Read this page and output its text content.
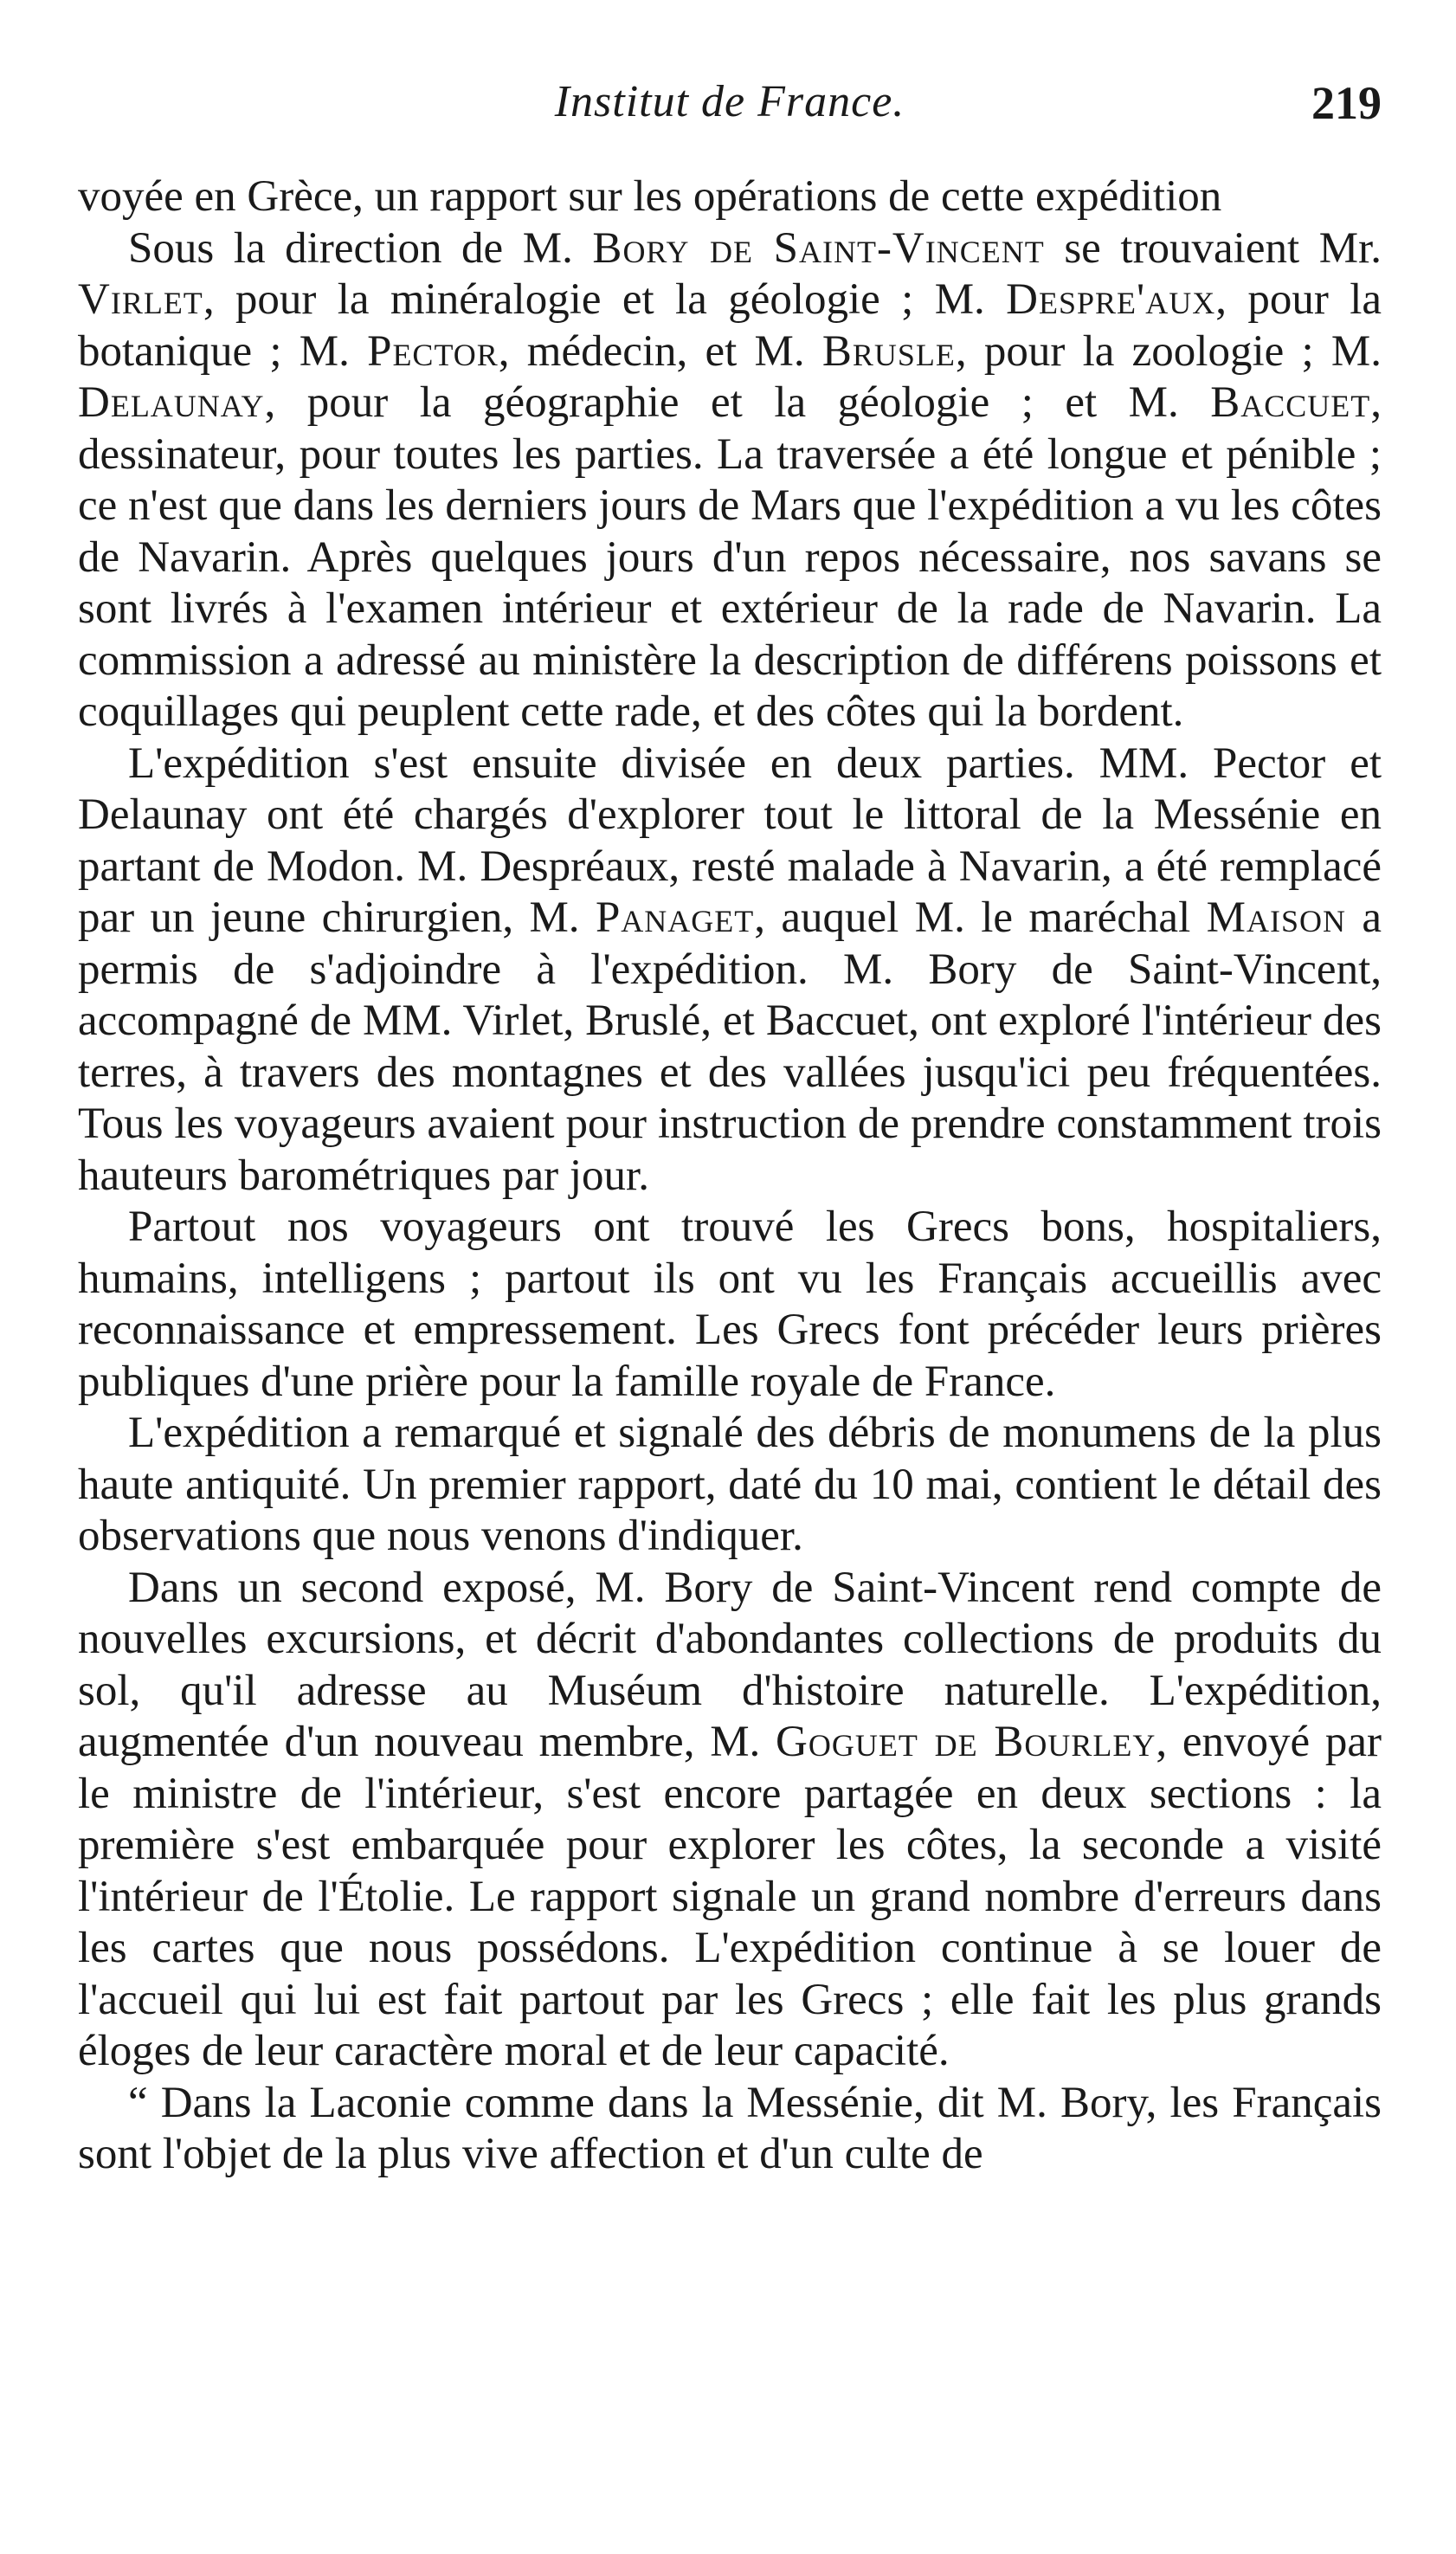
Institut de France.	219

voyée en Grèce, un rapport sur les opérations de cette expédition

Sous la direction de M. Bory de Saint-Vincent se trouvaient Mr. Virlet, pour la minéralogie et la géologie ; M. Despre'aux, pour la botanique ; M. Pector, médecin, et M. Brusle, pour la zoologie ; M. Delaunay, pour la géographie et la géologie ; et M. Baccuet, dessinateur, pour toutes les parties. La traversée a été longue et pénible ; ce n'est que dans les derniers jours de Mars que l'expédition a vu les côtes de Navarin. Après quelques jours d'un repos nécessaire, nos savans se sont livrés à l'examen intérieur et extérieur de la rade de Navarin. La commission a adressé au ministère la description de différens poissons et coquillages qui peuplent cette rade, et des côtes qui la bordent.

L'expédition s'est ensuite divisée en deux parties. MM. Pector et Delaunay ont été chargés d'explorer tout le littoral de la Messénie en partant de Modon. M. Despréaux, resté malade à Navarin, a été remplacé par un jeune chirurgien, M. Panaget, auquel M. le maréchal Maison a permis de s'adjoindre à l'expédition. M. Bory de Saint-Vincent, accompagné de MM. Virlet, Bruslé, et Baccuet, ont exploré l'intérieur des terres, à travers des montagnes et des vallées jusqu'ici peu fréquentées. Tous les voyageurs avaient pour instruction de prendre constamment trois hauteurs barométriques par jour.

Partout nos voyageurs ont trouvé les Grecs bons, hospitaliers, humains, intelligens ; partout ils ont vu les Français accueillis avec reconnaissance et empressement. Les Grecs font précéder leurs prières publiques d'une prière pour la famille royale de France.

L'expédition a remarqué et signalé des débris de monumens de la plus haute antiquité. Un premier rapport, daté du 10 mai, contient le détail des observations que nous venons d'indiquer.

Dans un second exposé, M. Bory de Saint-Vincent rend compte de nouvelles excursions, et décrit d'abondantes collections de produits du sol, qu'il adresse au Muséum d'histoire naturelle. L'expédition, augmentée d'un nouveau membre, M. Goguet de Bourley, envoyé par le ministre de l'intérieur, s'est encore partagée en deux sections : la première s'est embarquée pour explorer les côtes, la seconde a visité l'intérieur de l'Étolie. Le rapport signale un grand nombre d'erreurs dans les cartes que nous possédons. L'expédition continue à se louer de l'accueil qui lui est fait partout par les Grecs ; elle fait les plus grands éloges de leur caractère moral et de leur capacité.

“ Dans la Laconie comme dans la Messénie, dit M. Bory, les Français sont l'objet de la plus vive affection et d'un culte de
